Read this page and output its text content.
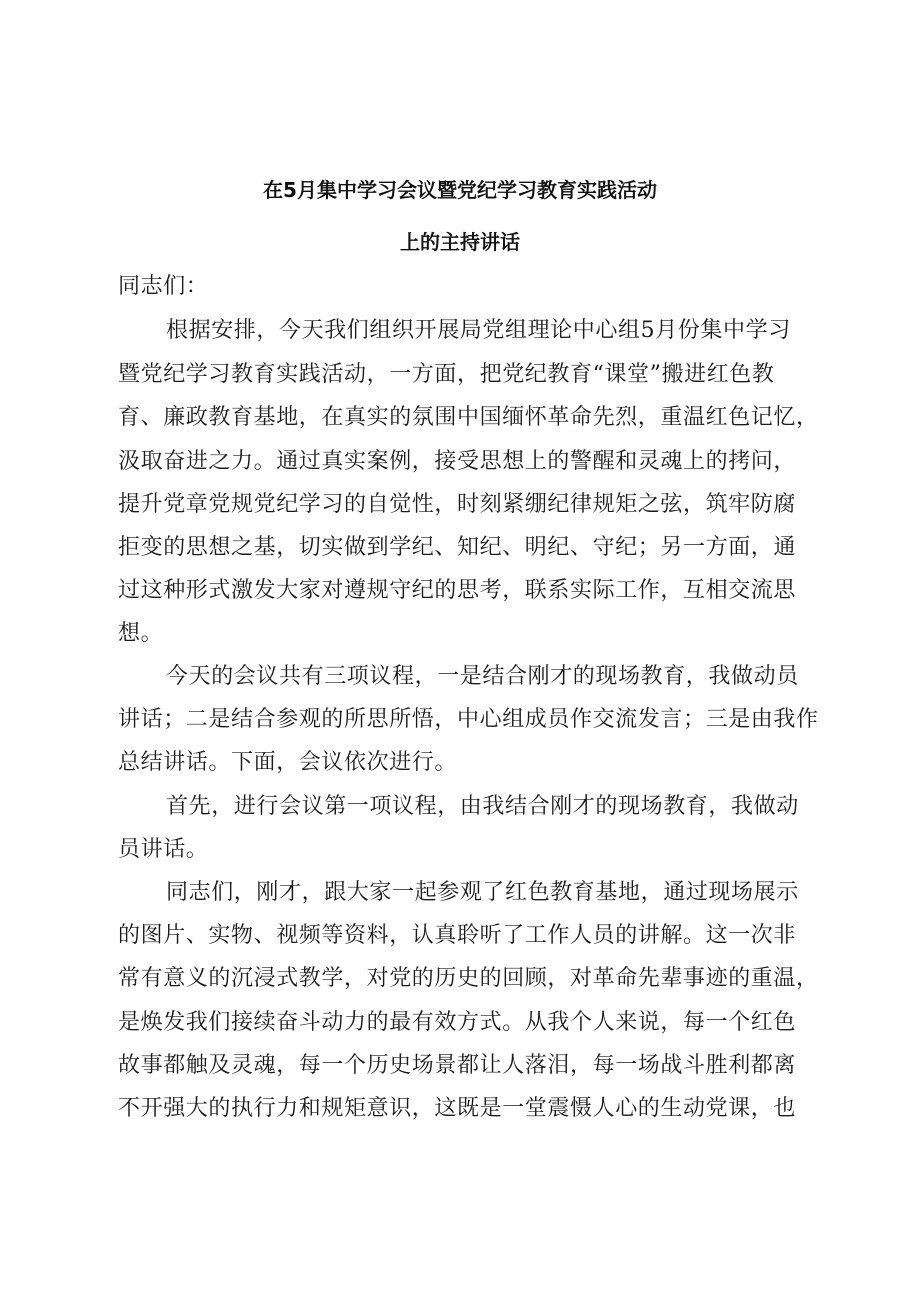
在5月集中学习会议暨党纪学习教育实践活动
上的主持讲话
同志们：
根据安排，今天我们组织开展局党组理论中心组5月份集中学习
暨党纪学习教育实践活动，一方面，把党纪教育“课堂”搬进红色教
育、廉政教育基地，在真实的氛围中国缅怀革命先烈，重温红色记忆，
汲取奋进之力。通过真实案例，接受思想上的警醒和灵魂上的拷问，
提升党章党规党纪学习的自觉性，时刻紧绷纪律规矩之弦，筑牢防腐
拒变的思想之基，切实做到学纪、知纪、明纪、守纪；另一方面，通
过这种形式激发大家对遵规守纪的思考，联系实际工作，互相交流思
想。
今天的会议共有三项议程，一是结合刚才的现场教育，我做动员
讲话；二是结合参观的所思所悟，中心组成员作交流发言；三是由我作
总结讲话。下面，会议依次进行。
首先，进行会议第一项议程，由我结合刚才的现场教育，我做动
员讲话。
同志们，刚才，跟大家一起参观了红色教育基地，通过现场展示
的图片、实物、视频等资料，认真聆听了工作人员的讲解。这一次非
常有意义的沉浸式教学，对党的历史的回顾，对革命先辈事迹的重温，
是焕发我们接续奋斗动力的最有效方式。从我个人来说，每一个红色
故事都触及灵魂，每一个历史场景都让人落泪，每一场战斗胜利都离
不开强大的执行力和规矩意识，这既是一堂震慑人心的生动党课，也
